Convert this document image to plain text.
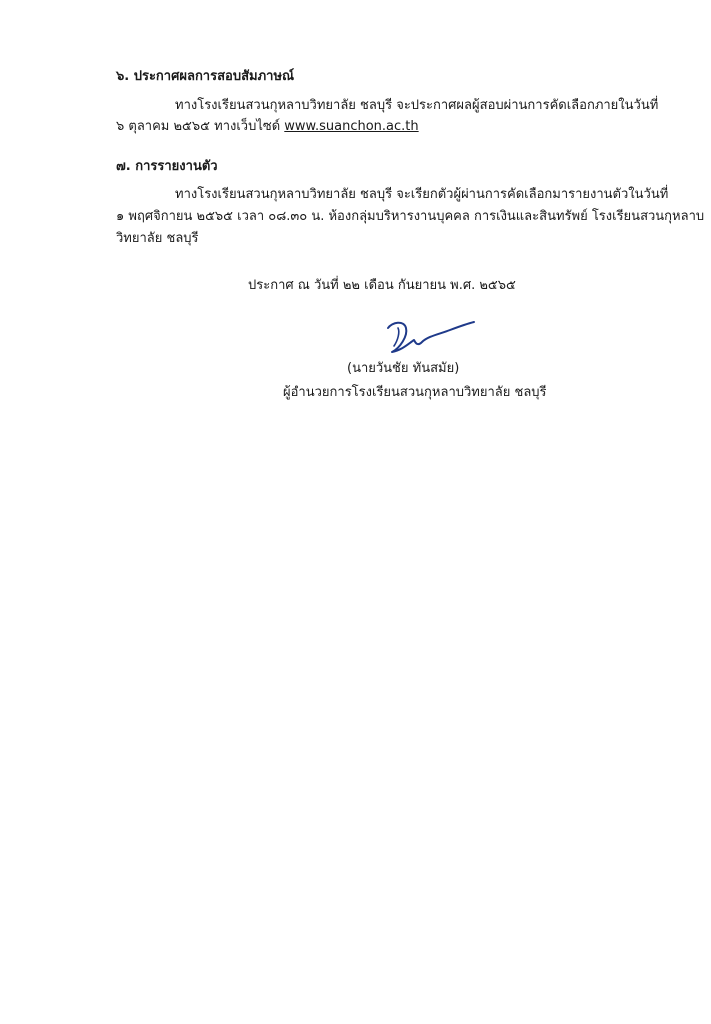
๖. ประกาศผลการสอบสัมภาษณ์
ทางโรงเรียนสวนกุหลาบวิทยาลัย ชลบุรี จะประกาศผลผู้สอบผ่านการคัดเลือกภายในวันที่
๖ ตุลาคม ๒๕๖๕ ทางเว็บไซด์ www.suanchon.ac.th
๗. การรายงานตัว
ทางโรงเรียนสวนกุหลาบวิทยาลัย ชลบุรี จะเรียกตัวผู้ผ่านการคัดเลือกมารายงานตัวในวันที่
๑ พฤศจิกายน ๒๕๖๕ เวลา ๐๘.๓๐ น. ห้องกลุ่มบริหารงานบุคคล การเงินและสินทรัพย์ โรงเรียนสวนกุหลาบ
วิทยาลัย ชลบุรี
ประกาศ ณ วันที่ ๒๒ เดือน กันยายน พ.ศ. ๒๕๖๕
(นายวันชัย ทันสมัย)
ผู้อำนวยการโรงเรียนสวนกุหลาบวิทยาลัย ชลบุรี
